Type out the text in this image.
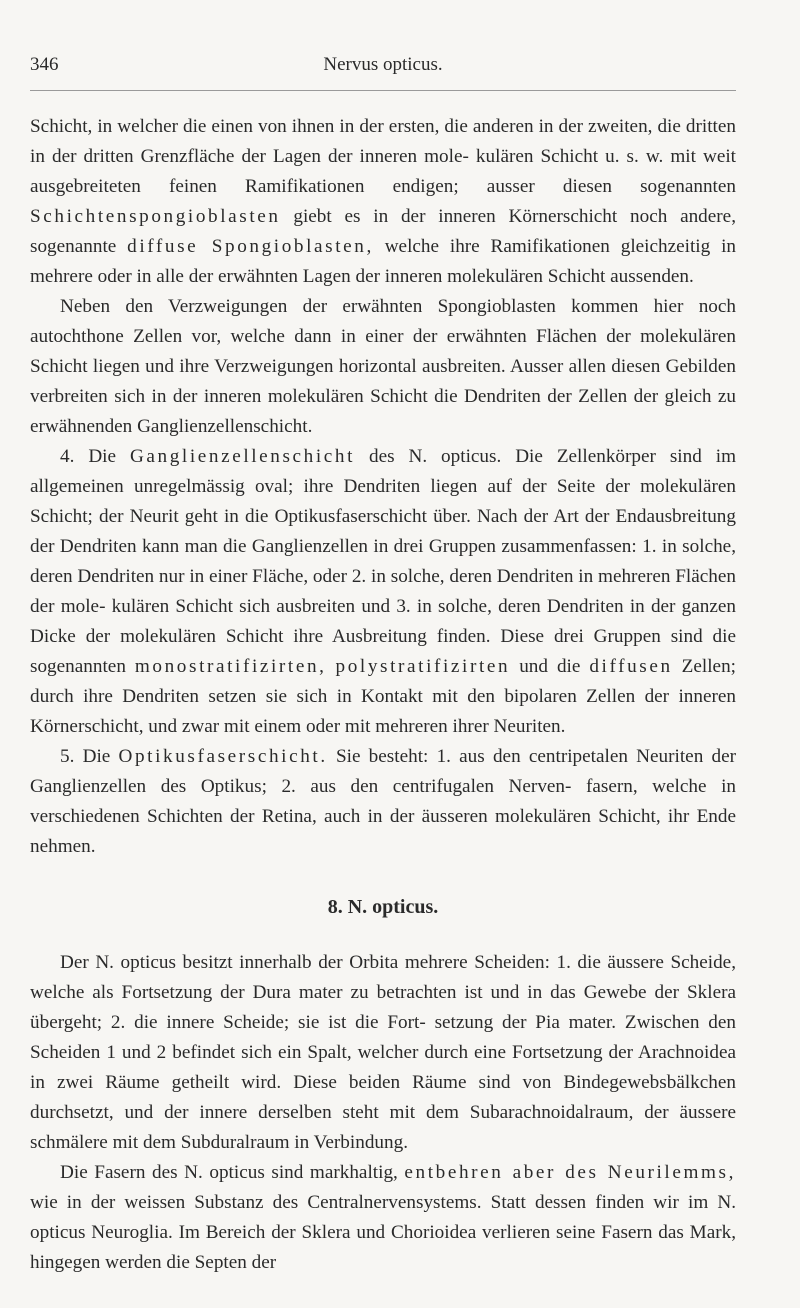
346	Nervus opticus.

Schicht, in welcher die einen von ihnen in der ersten, die anderen in der zweiten, die dritten in der dritten Grenzfläche der Lagen der inneren mole- kulären Schicht u. s. w. mit weit ausgebreiteten feinen Ramifikationen endigen; ausser diesen sogenannten Schichtenspongioblasten giebt es in der inneren Körnerschicht noch andere, sogenannte diffuse Spongioblasten, welche ihre Ramifikationen gleichzeitig in mehrere oder in alle der erwähnten Lagen der inneren molekulären Schicht aussenden.

Neben den Verzweigungen der erwähnten Spongioblasten kommen hier noch autochthone Zellen vor, welche dann in einer der erwähnten Flächen der molekulären Schicht liegen und ihre Verzweigungen horizontal ausbreiten. Ausser allen diesen Gebilden verbreiten sich in der inneren molekulären Schicht die Dendriten der Zellen der gleich zu erwähnenden Ganglienzellenschicht.

4. Die Ganglienzellenschicht des N. opticus. Die Zellenkörper sind im allgemeinen unregelmässig oval; ihre Dendriten liegen auf der Seite der molekulären Schicht; der Neurit geht in die Optikusfaserschicht über. Nach der Art der Endausbreitung der Dendriten kann man die Ganglienzellen in drei Gruppen zusammenfassen: 1. in solche, deren Dendriten nur in einer Fläche, oder 2. in solche, deren Dendriten in mehreren Flächen der mole- kulären Schicht sich ausbreiten und 3. in solche, deren Dendriten in der ganzen Dicke der molekulären Schicht ihre Ausbreitung finden. Diese drei Gruppen sind die sogenannten monostratifizirten, polystratifizirten und die diffusen Zellen; durch ihre Dendriten setzen sie sich in Kontakt mit den bipolaren Zellen der inneren Körnerschicht, und zwar mit einem oder mit mehreren ihrer Neuriten.

5. Die Optikusfaserschicht. Sie besteht: 1. aus den centripetalen Neuriten der Ganglienzellen des Optikus; 2. aus den centrifugalen Nerven- fasern, welche in verschiedenen Schichten der Retina, auch in der äusseren molekulären Schicht, ihr Ende nehmen.

8. N. opticus.

Der N. opticus besitzt innerhalb der Orbita mehrere Scheiden: 1. die äussere Scheide, welche als Fortsetzung der Dura mater zu betrachten ist und in das Gewebe der Sklera übergeht; 2. die innere Scheide; sie ist die Fort- setzung der Pia mater. Zwischen den Scheiden 1 und 2 befindet sich ein Spalt, welcher durch eine Fortsetzung der Arachnoidea in zwei Räume getheilt wird. Diese beiden Räume sind von Bindegewebsbälkchen durchsetzt, und der innere derselben steht mit dem Subarachnoidalraum, der äussere schmälere mit dem Subduralraum in Verbindung.

Die Fasern des N. opticus sind markhaltig, entbehren aber des Neurilemms, wie in der weissen Substanz des Centralnervensystems. Statt dessen finden wir im N. opticus Neuroglia. Im Bereich der Sklera und Chorioidea verlieren seine Fasern das Mark, hingegen werden die Septen der
